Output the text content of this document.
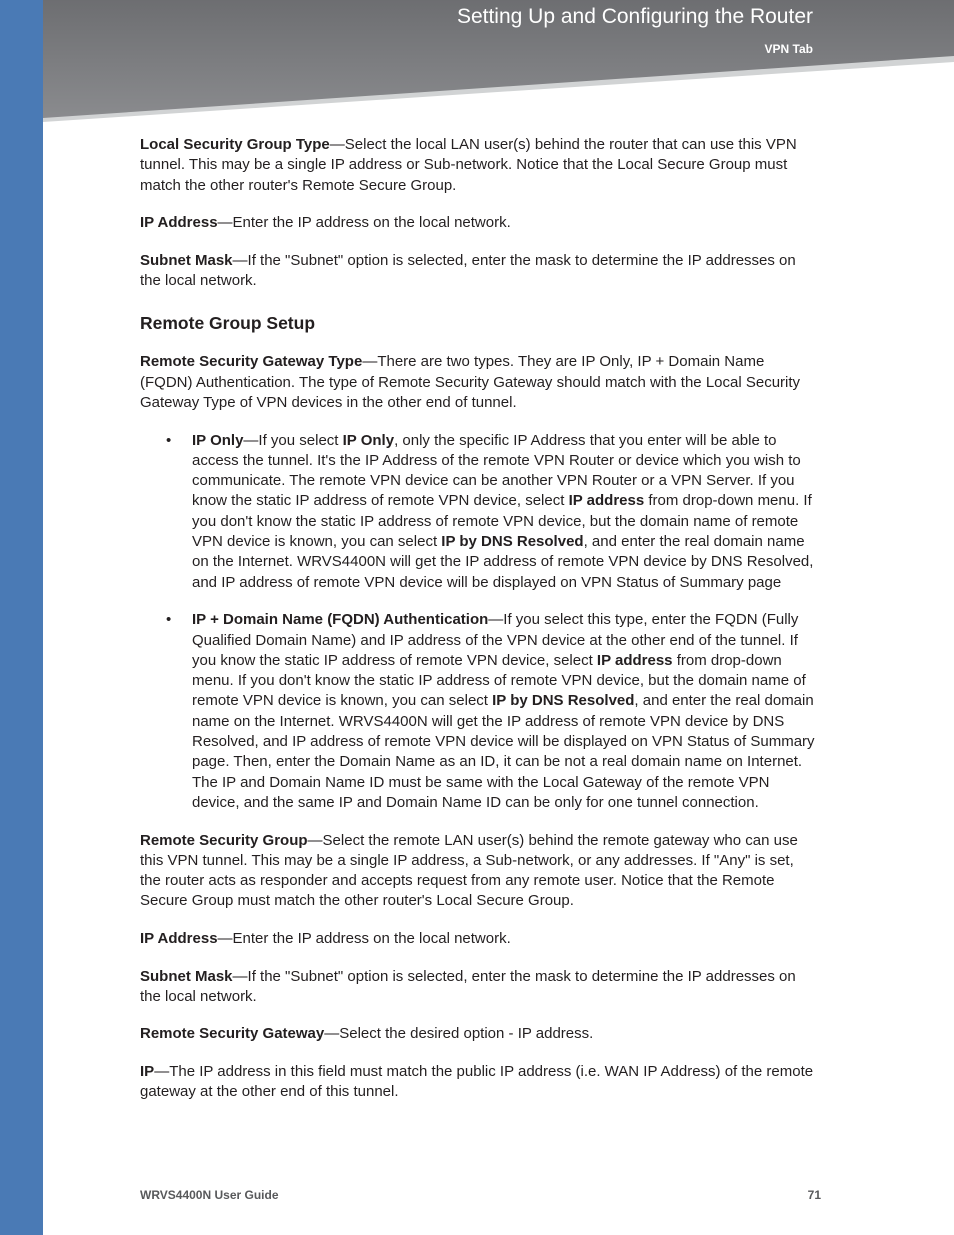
Setting Up and Configuring the Router
VPN Tab

Local Security Group Type—Select the local LAN user(s) behind the router that can use this VPN tunnel. This may be a single IP address or Sub-network. Notice that the Local Secure Group must match the other router's Remote Secure Group.

IP Address—Enter the IP address on the local network.

Subnet Mask—If the "Subnet" option is selected, enter the mask to determine the IP addresses on the local network.

Remote Group Setup

Remote Security Gateway Type—There are two types. They are IP Only, IP + Domain Name (FQDN) Authentication. The type of Remote Security Gateway should match with the Local Security Gateway Type of VPN devices in the other end of tunnel.

• IP Only—If you select IP Only, only the specific IP Address that you enter will be able to access the tunnel. It's the IP Address of the remote VPN Router or device which you wish to communicate. The remote VPN device can be another VPN Router or a VPN Server. If you know the static IP address of remote VPN device, select IP address from drop-down menu. If you don't know the static IP address of remote VPN device, but the domain name of remote VPN device is known, you can select IP by DNS Resolved, and enter the real domain name on the Internet. WRVS4400N will get the IP address of remote VPN device by DNS Resolved, and IP address of remote VPN device will be displayed on VPN Status of Summary page
• IP + Domain Name (FQDN) Authentication—If you select this type, enter the FQDN (Fully Qualified Domain Name) and IP address of the VPN device at the other end of the tunnel. If you know the static IP address of remote VPN device, select IP address from drop-down menu. If you don't know the static IP address of remote VPN device, but the domain name of remote VPN device is known, you can select IP by DNS Resolved, and enter the real domain name on the Internet. WRVS4400N will get the IP address of remote VPN device by DNS Resolved, and IP address of remote VPN device will be displayed on VPN Status of Summary page. Then, enter the Domain Name as an ID, it can be not a real domain name on Internet. The IP and Domain Name ID must be same with the Local Gateway of the remote VPN device, and the same IP and Domain Name ID can be only for one tunnel connection.

Remote Security Group—Select the remote LAN user(s) behind the remote gateway who can use this VPN tunnel. This may be a single IP address, a Sub-network, or any addresses. If "Any" is set, the router acts as responder and accepts request from any remote user. Notice that the Remote Secure Group must match the other router's Local Secure Group.

IP Address—Enter the IP address on the local network.

Subnet Mask—If the "Subnet" option is selected, enter the mask to determine the IP addresses on the local network.

Remote Security Gateway—Select the desired option - IP address.

IP—The IP address in this field must match the public IP address (i.e. WAN IP Address) of the remote gateway at the other end of this tunnel.

WRVS4400N User Guide	71
